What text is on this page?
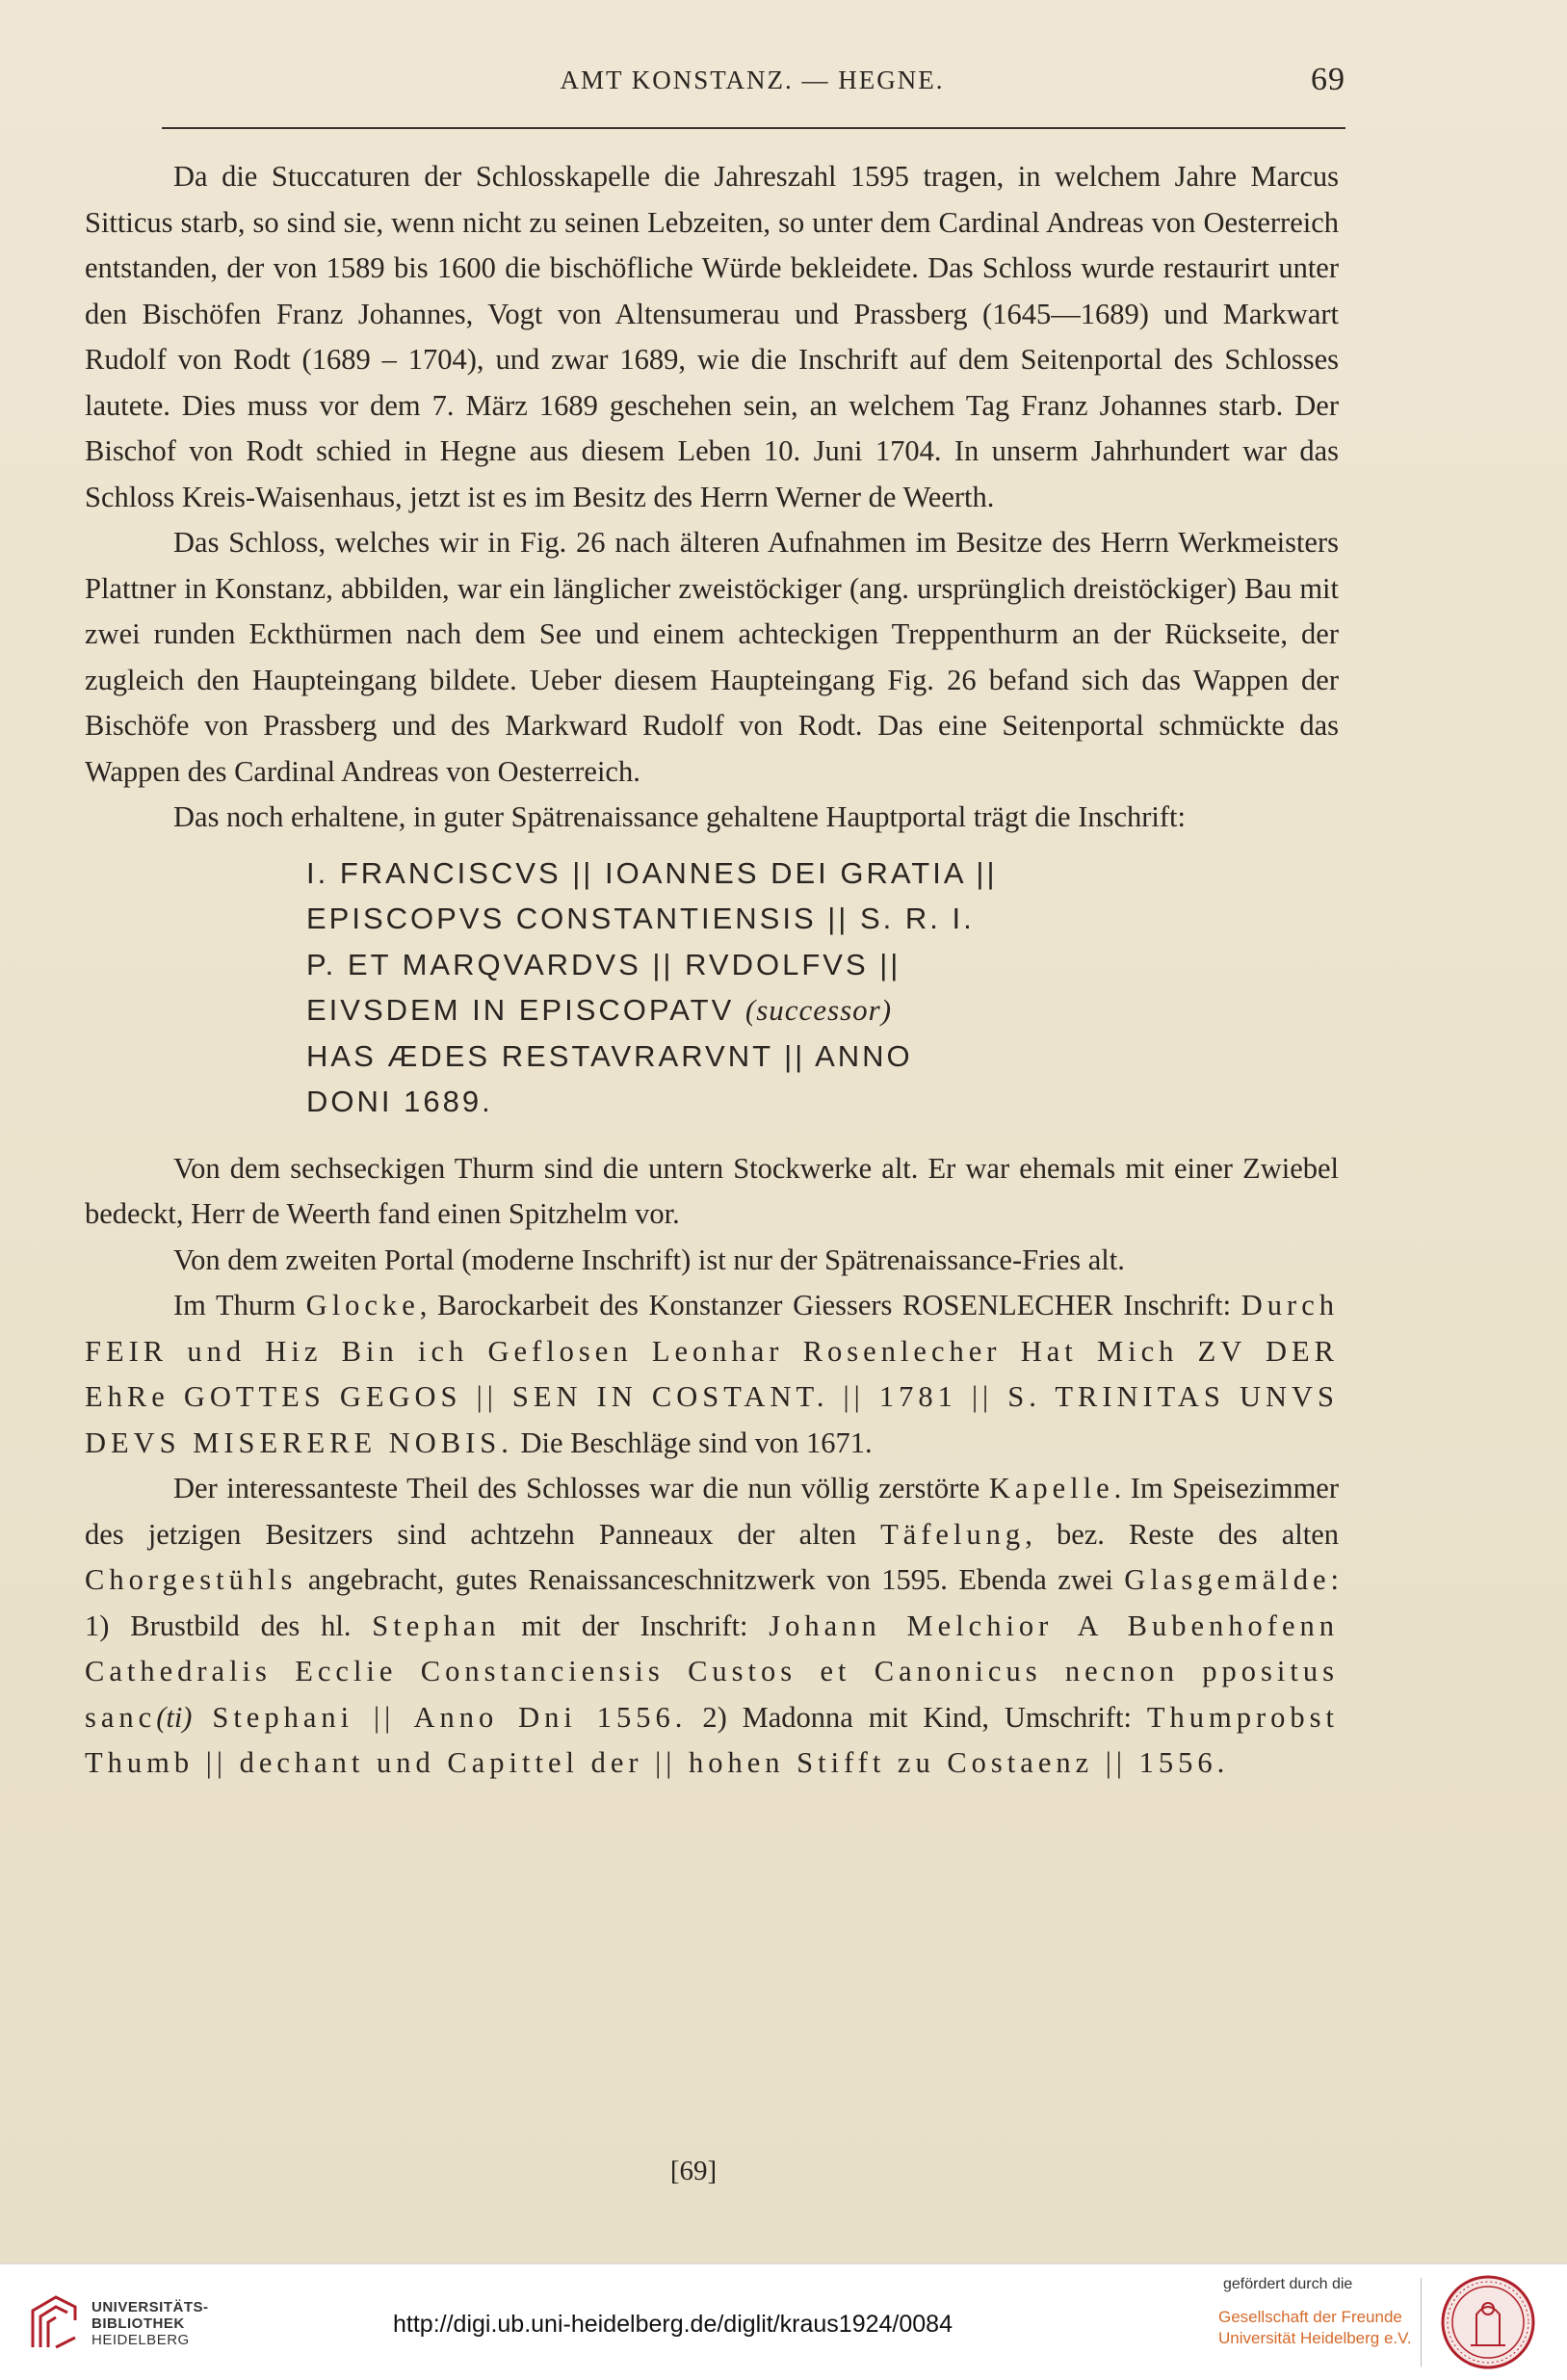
AMT KONSTANZ. — HEGNE.	69

Da die Stuccaturen der Schlosskapelle die Jahreszahl 1595 tragen, in welchem Jahre Marcus Sitticus starb, so sind sie, wenn nicht zu seinen Lebzeiten, so unter dem Cardinal Andreas von Oesterreich entstanden, der von 1589 bis 1600 die bischöfliche Würde bekleidete. Das Schloss wurde restaurirt unter den Bischöfen Franz Johannes, Vogt von Altensumerau und Prassberg (1645—1689) und Markwart Rudolf von Rodt (1689 – 1704), und zwar 1689, wie die Inschrift auf dem Seitenportal des Schlosses lautete. Dies muss vor dem 7. März 1689 geschehen sein, an welchem Tag Franz Johannes starb. Der Bischof von Rodt schied in Hegne aus diesem Leben 10. Juni 1704. In unserm Jahrhundert war das Schloss Kreis-Waisenhaus, jetzt ist es im Besitz des Herrn Werner de Weerth.

Das Schloss, welches wir in Fig. 26 nach älteren Aufnahmen im Besitze des Herrn Werkmeisters Plattner in Konstanz, abbilden, war ein länglicher zweistöckiger (ang. ursprünglich dreistöckiger) Bau mit zwei runden Eckthürmen nach dem See und einem achteckigen Treppenthurm an der Rückseite, der zugleich den Haupteingang bildete. Ueber diesem Haupteingang Fig. 26 befand sich das Wappen der Bischöfe von Prassberg und des Markward Rudolf von Rodt. Das eine Seitenportal schmückte das Wappen des Cardinal Andreas von Oesterreich.

Das noch erhaltene, in guter Spätrenaissance gehaltene Hauptportal trägt die Inschrift:

I. FRANCISCVS || IOANNES DEI GRATIA ||
EPISCOPVS CONSTANTIENSIS || S. R. I.
P. ET MARQVARDVS || RVDOLFVS ||
EIVSDEM IN EPISCOPATV (successor)
HAS ÆDES RESTAVRARVNT || ANNO
DONI 1689.

Von dem sechseckigen Thurm sind die untern Stockwerke alt. Er war ehemals mit einer Zwiebel bedeckt, Herr de Weerth fand einen Spitzhelm vor.

Von dem zweiten Portal (moderne Inschrift) ist nur der Spätrenaissance-Fries alt.

Im Thurm Glocke, Barockarbeit des Konstanzer Giessers ROSENLECHER Inschrift: Durch FEIR und Hiz Bin ich Geflosen Leonhar Rosenlecher Hat Mich ZV DER EhRe GOTTES GEGOS || SEN IN COSTANT. || 1781 || S. TRINITAS UNVS DEVS MISERERE NOBIS. Die Beschläge sind von 1671.

Der interessanteste Theil des Schlosses war die nun völlig zerstörte Kapelle. Im Speisezimmer des jetzigen Besitzers sind achtzehn Panneaux der alten Täfelung, bez. Reste des alten Chorgestühls angebracht, gutes Renaissanceschnitzwerk von 1595. Ebenda zwei Glasgemälde: 1) Brustbild des hl. Stephan mit der Inschrift: Johann Melchior A Bubenhofenn Cathedralis Ecclie Constanciensis Custos et Canonicus necnon ppositus sanc(ti) Stephani || Anno Dni 1556. 2) Madonna mit Kind, Umschrift: Thumprobst Thumb || dechant und Capittel der || hohen Stifft zu Costaenz || 1556.

[69]
UNIVERSITÄTS-
BIBLIOTHEK
HEIDELBERG
http://digi.ub.uni-heidelberg.de/diglit/kraus1924/0084
gefördert durch die
Gesellschaft der Freunde
Universität Heidelberg e.V.
